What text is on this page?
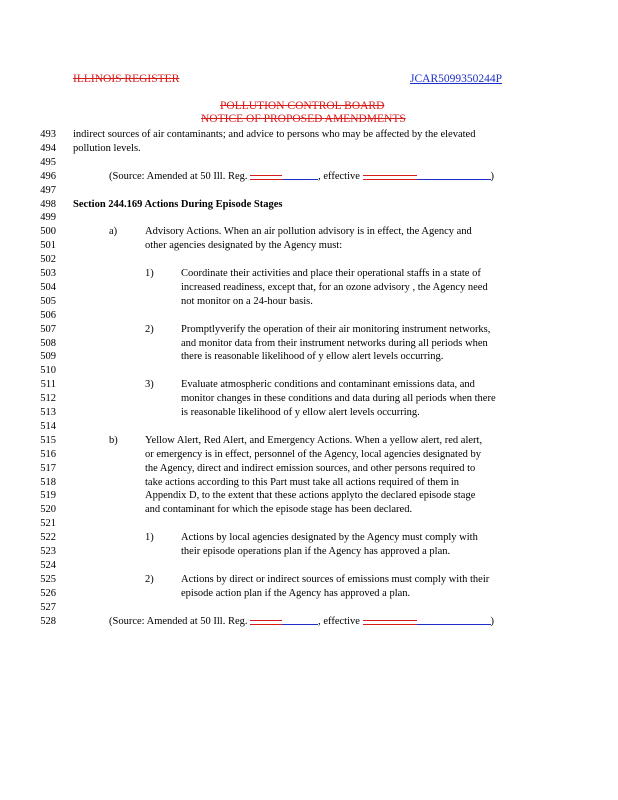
ILLINOIS REGISTER	JCAR5099350244P
POLLUTION CONTROL BOARD
NOTICE OF PROPOSED AMENDMENTS
493
494
495
496
497
498
499
500
501
502
503
504
505
506
507
508
509
510
511
512
513
514
515
516
517
518
519
520
521
522
523
524
525
526
527
528
indirect sources of air contaminants; and advice to persons who may be affected by the elevated
pollution levels.
(Source: Amended at 50 Ill. Reg.	, effective	)
Section 244.169 Actions During Episode Stages
a)	Advisory Actions. When an air pollution advisory is in effect, the Agency and
other agencies designated by the Agency must:
1)	Coordinate their activities and place their operational staffs in a state of
increased readiness, except that, for an ozone advisory , the Agency need
not monitor on a 24-hour basis.
2)	Promptlyverify the operation of their air monitoring instrument networks,
and monitor data from their instrument networks during all periods when
there is reasonable likelihood of y ellow alert levels occurring.
3)	Evaluate atmospheric conditions and contaminant emissions data, and
monitor changes in these conditions and data during all periods when there
is reasonable likelihood of y ellow alert levels occurring.
b)	Yellow Alert, Red Alert, and Emergency Actions. When a yellow alert, red alert,
or emergency is in effect, personnel of the Agency, local agencies designated by
the Agency, direct and indirect emission sources, and other persons required to
take actions according to this Part must take all actions required of them in
Appendix D, to the extent that these actions applyto the declared episode stage
and contaminant for which the episode stage has been declared.
1)	Actions by local agencies designated by the Agency must comply with
their episode operations plan if the Agency has approved a plan.
2)	Actions by direct or indirect sources of emissions must comply with their
episode action plan if the Agency has approved a plan.
(Source: Amended at 50 Ill. Reg.	, effective	)
